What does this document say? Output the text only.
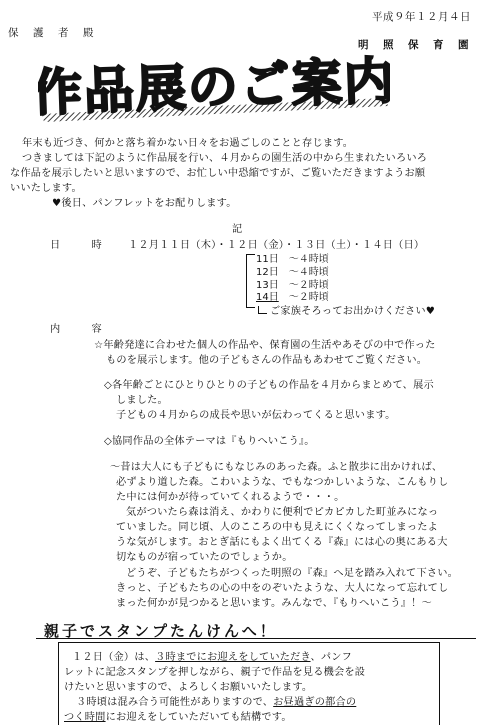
平成９年１２月４日
保　護　者　殿
明　照　保　育　園
作品展のご案内
年末も近づき、何かと落ち着かない日々をお過ごしのことと存じます。
つきましては下記のように作品展を行い、４月からの園生活の中から生まれたいろいろ
な作品を展示したいと思いますので、お忙しい中恐縮ですが、ご覧いただきますようお願
いいたします。
♥後日、パンフレットをお配りします。
記
日　　　時	１２月１１日（木）・１２日（金）・１３日（土）・１４日（日）
11日　 〜４時頃
12日　 〜４時頃
13日　 〜２時頃
14日　 〜２時頃
ご家族そろってお出かけください♥
内　　　容
☆年齢発達に合わせた個人の作品や、保育園の生活やあそびの中で作った
ものを展示します。他の子どもさんの作品もあわせてご覧ください。
◇各年齢ごとにひとりひとりの子どもの作品を４月からまとめて、展示
しました。
子どもの４月からの成長や思いが伝わってくると思います。
◇協同作品の全体テーマは『もりへいこう』。
〜昔は大人にも子どもにもなじみのあった森。ふと散歩に出かければ、
必ずより道した森。こわいような、でもなつかしいような、こんもりし
た中には何かが待っていてくれるようで・・・。
気がついたら森は消え、かわりに便利でピカピカした町並みになっ
ていました。同じ頃、人のこころの中も見えにくくなってしまったよ
うな気がします。おとぎ話にもよく出てくる『森』には心の奥にある大
切なものが宿っていたのでしょうか。
どうぞ、子どもたちがつくった明照の『森』へ足を踏み入れて下さい。
きっと、子どもたちの心の中をのぞいたような、大人になって忘れてし
まった何かが見つかると思います。みんなで、『もりへいこう』！〜
親子でスタンプたんけんへ！
１２日（金）は、３時までにお迎えをしていただき、パンフ
レットに記念スタンプを押しながら、親子で作品を見る機会を設
けたいと思いますので、よろしくお願いいたします。
３時頃は混み合う可能性がありますので、お昼過ぎの都合の
つく時間にお迎えをしていただいても結構です。
